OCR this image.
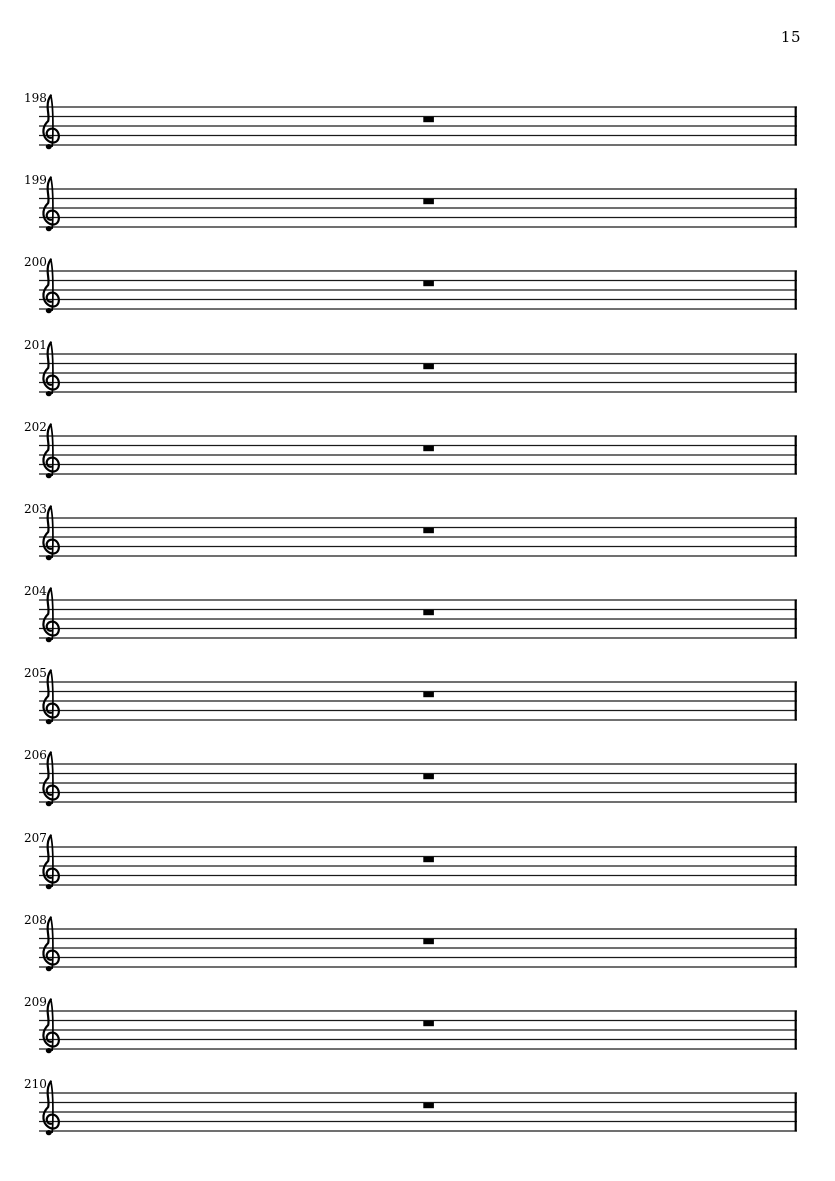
15
198
199
200
201
202
203
204
205
206
207
208
209
210
